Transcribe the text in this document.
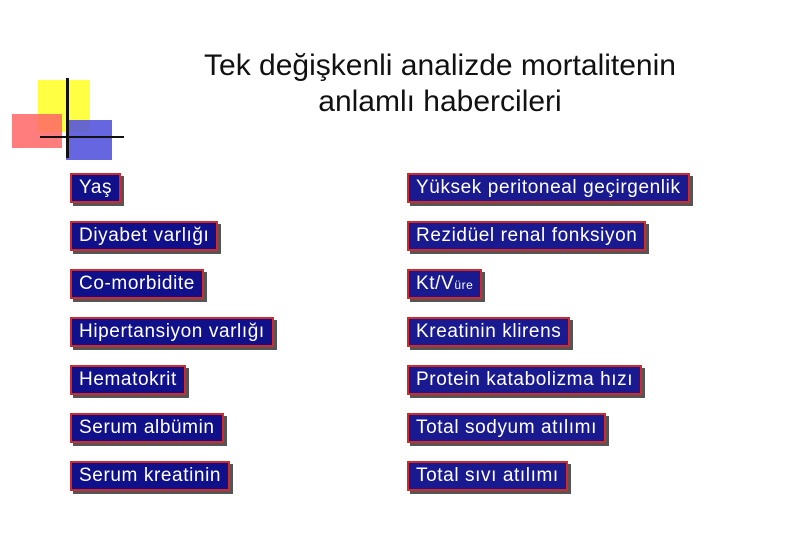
Tek değişkenli analizde mortalitenin
anlamlı habercileri
Yaş
Diyabet varlığı
Co-morbidite
Hipertansiyon varlığı
Hematokrit
Serum albümin
Serum kreatinin
Yüksek peritoneal geçirgenlik
Rezidüel renal fonksiyon
Kt/Vüre
Kreatinin klirens
Protein katabolizma hızı
Total sodyum atılımı
Total sıvı atılımı
